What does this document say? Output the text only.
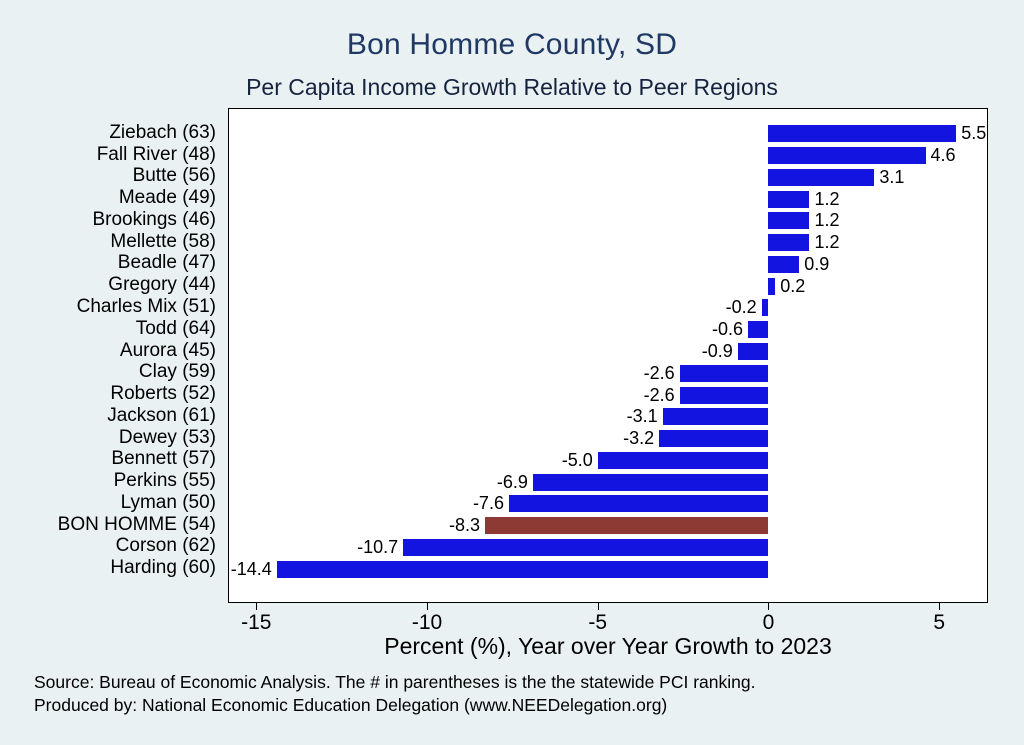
Bon Homme County, SD
Per Capita Income Growth Relative to Peer Regions
Ziebach (63)
Fall River (48)
Butte (56)
Meade (49)
Brookings (46)
Mellette (58)
Beadle (47)
Gregory (44)
Charles Mix (51)
Todd (64)
Aurora (45)
Clay (59)
Roberts (52)
Jackson (61)
Dewey (53)
Bennett (57)
Perkins (55)
Lyman (50)
BON HOMME (54)
Corson (62)
Harding (60)
5.5
4.6
3.1
1.2
1.2
1.2
0.9
0.2
-0.2
-0.6
-0.9
-2.6
-2.6
-3.1
-3.2
-5.0
-6.9
-7.6
-8.3
-10.7
-14.4
-15	-10	-5	0	5
Percent (%), Year over Year Growth to 2023
Source: Bureau of Economic Analysis. The # in parentheses is the the statewide PCI ranking.
Produced by: National Economic Education Delegation (www.NEEDelegation.org)
